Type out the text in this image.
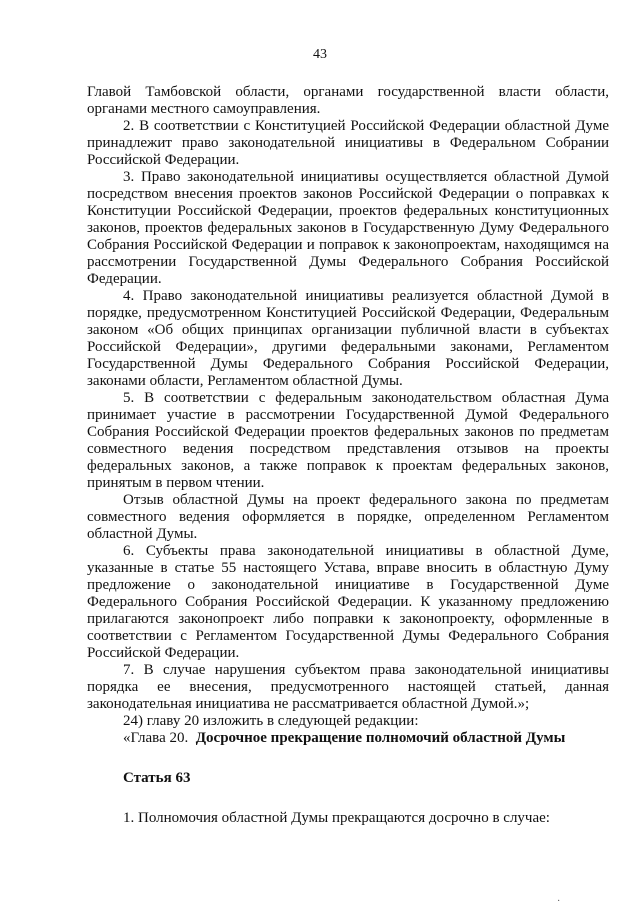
43

Главой Тамбовской области, органами государственной власти области, органами местного самоуправления.

2. В соответствии с Конституцией Российской Федерации областной Думе принадлежит право законодательной инициативы в Федеральном Собрании Российской Федерации.

3. Право законодательной инициативы осуществляется областной Думой посредством внесения проектов законов Российской Федерации о поправках к Конституции Российской Федерации, проектов федеральных конституционных законов, проектов федеральных законов в Государственную Думу Федерального Собрания Российской Федерации и поправок к законопроектам, находящимся на рассмотрении Государственной Думы Федерального Собрания Российской Федерации.

4. Право законодательной инициативы реализуется областной Думой в порядке, предусмотренном Конституцией Российской Федерации, Федеральным законом «Об общих принципах организации публичной власти в субъектах Российской Федерации», другими федеральными законами, Регламентом Государственной Думы Федерального Собрания Российской Федерации, законами области, Регламентом областной Думы.

5. В соответствии с федеральным законодательством областная Дума принимает участие в рассмотрении Государственной Думой Федерального Собрания Российской Федерации проектов федеральных законов по предметам совместного ведения посредством представления отзывов на проекты федеральных законов, а также поправок к проектам федеральных законов, принятым в первом чтении.

Отзыв областной Думы на проект федерального закона по предметам совместного ведения оформляется в порядке, определенном Регламентом областной Думы.

6. Субъекты права законодательной инициативы в областной Думе, указанные в статье 55 настоящего Устава, вправе вносить в областную Думу предложение о законодательной инициативе в Государственной Думе Федерального Собрания Российской Федерации. К указанному предложению прилагаются законопроект либо поправки к законопроекту, оформленные в соответствии с Регламентом Государственной Думы Федерального Собрания Российской Федерации.

7. В случае нарушения субъектом права законодательной инициативы порядка ее внесения, предусмотренного настоящей статьей, данная законодательная инициатива не рассматривается областной Думой.»;

24) главу 20 изложить в следующей редакции:

«Глава 20. Досрочное прекращение полномочий областной Думы

Статья 63

1. Полномочия областной Думы прекращаются досрочно в случае:

·
